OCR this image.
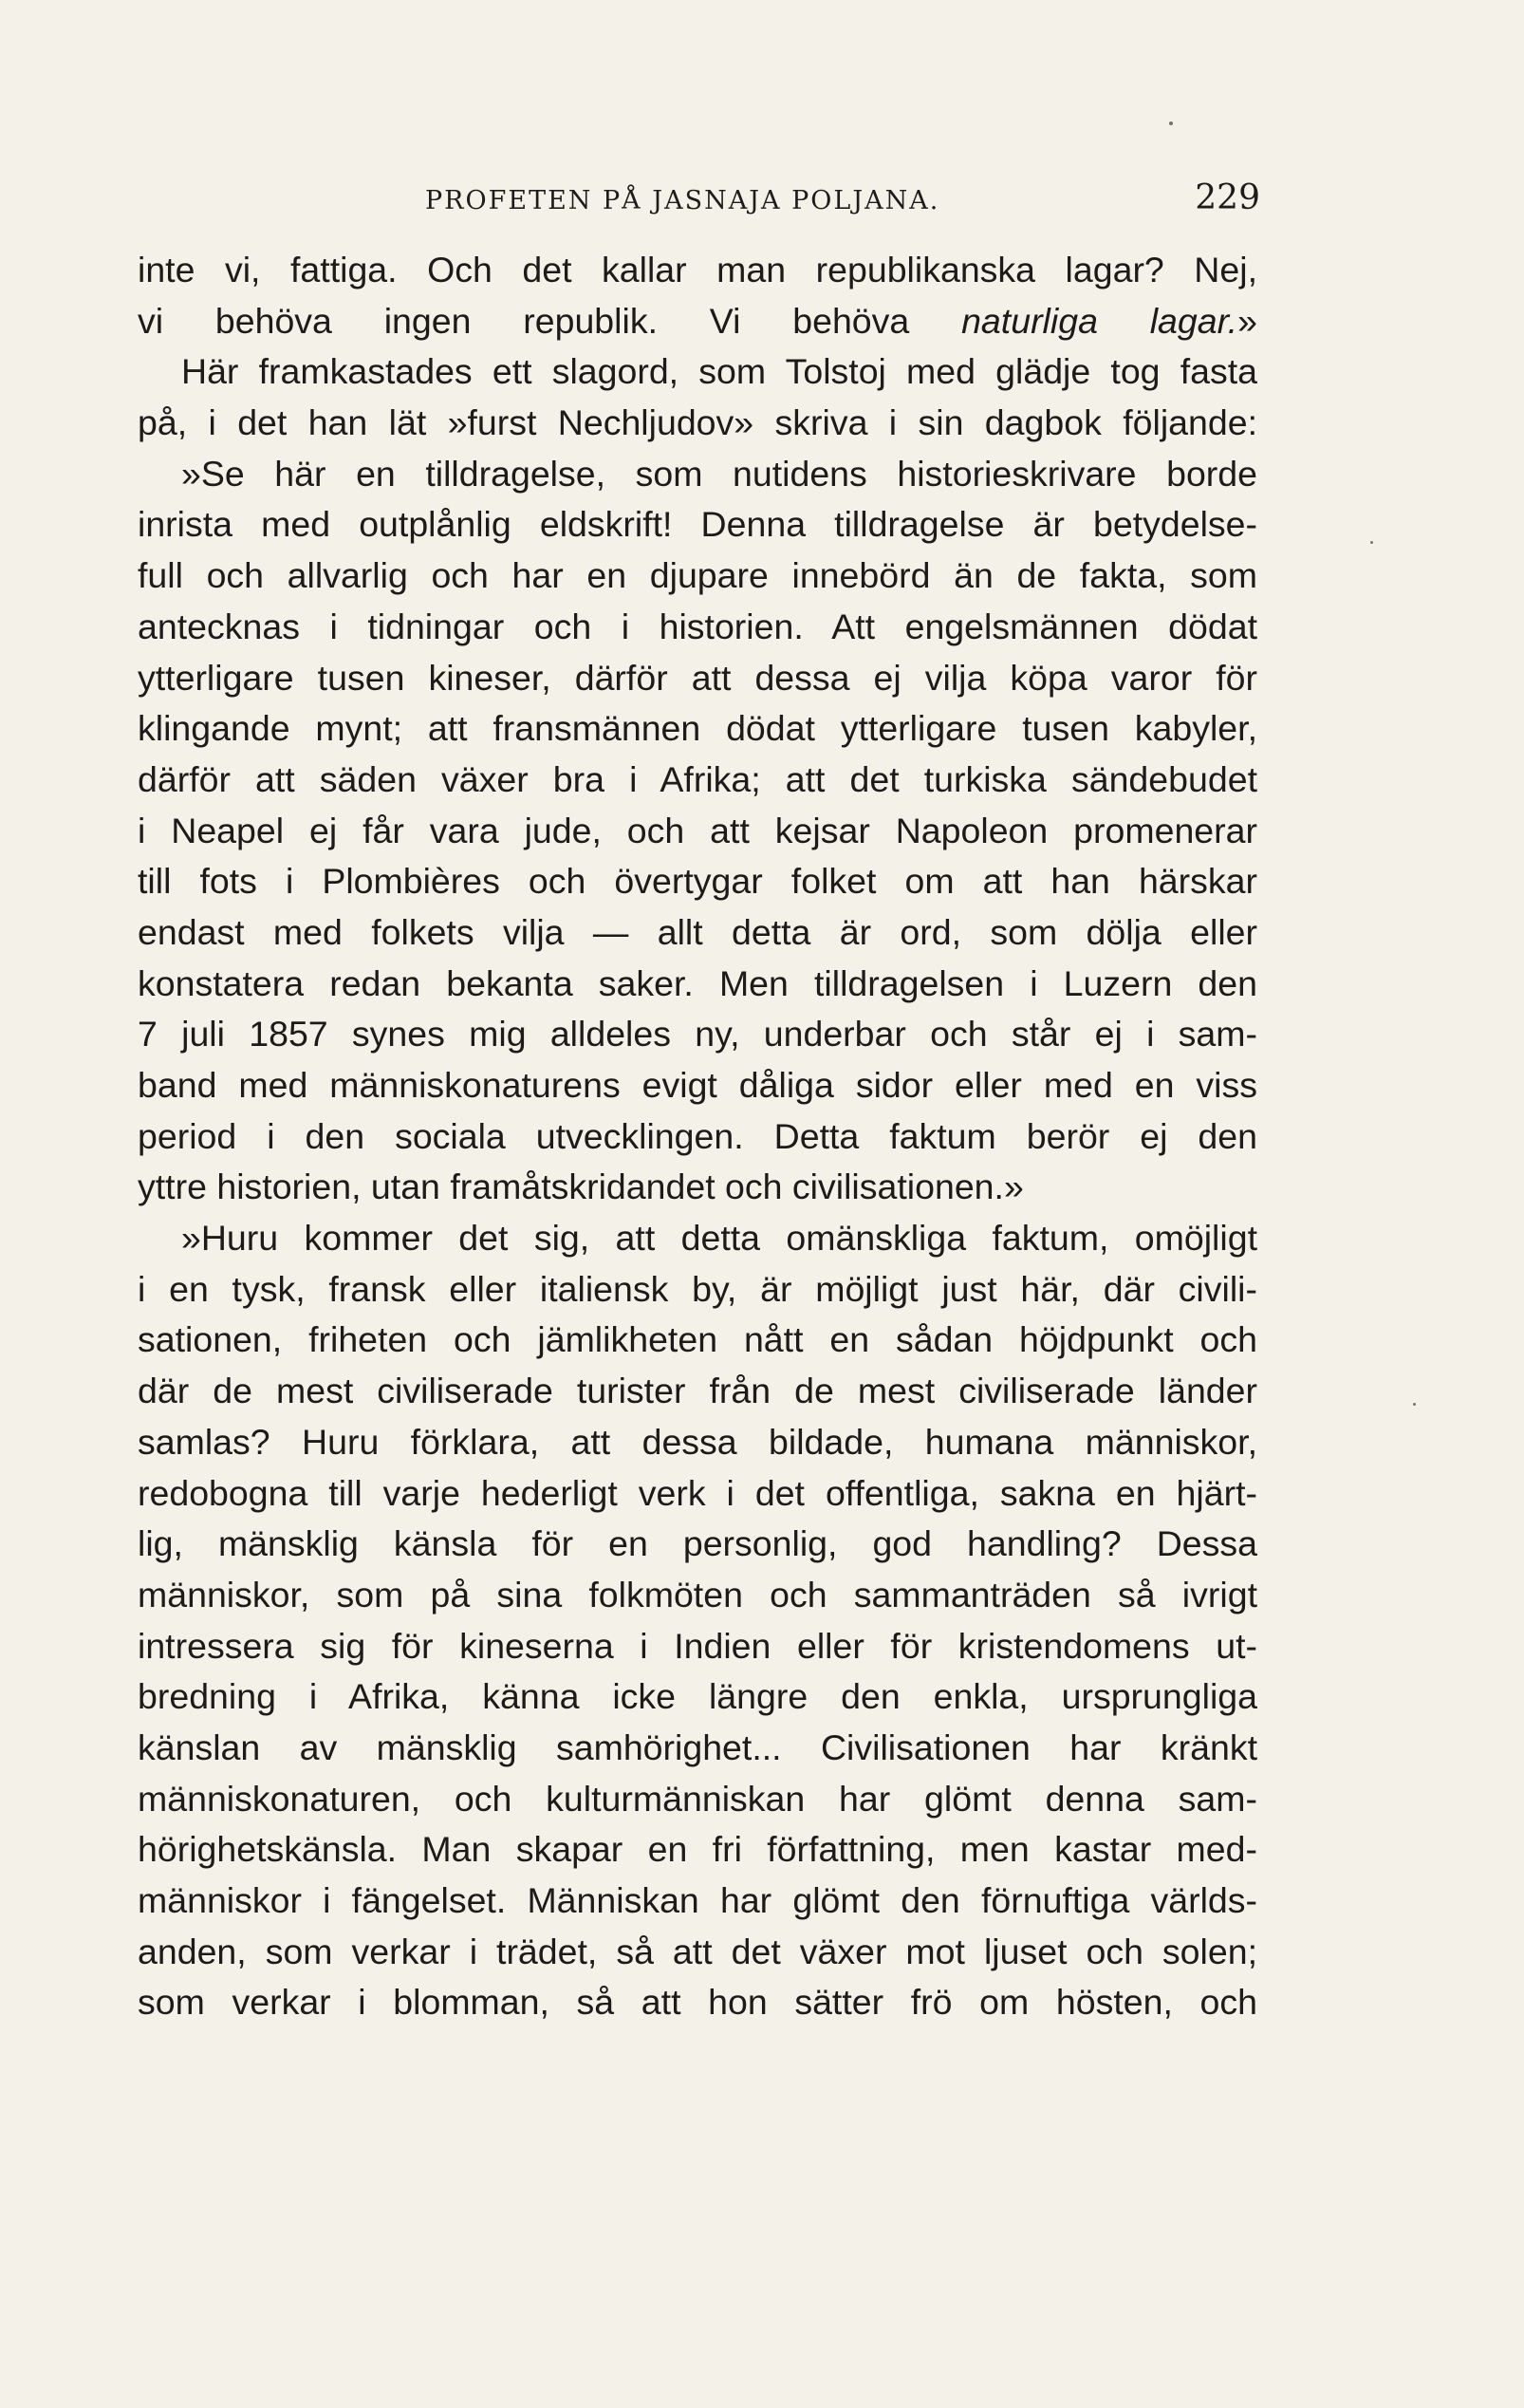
PROFETEN PÅ JASNAJA POLJANA.	229
inte vi, fattiga. Och det kallar man republikanska lagar? Nej,
vi behöva ingen republik. Vi behöva naturliga lagar.»
Här framkastades ett slagord, som Tolstoj med glädje tog fasta
på, i det han lät »furst Nechljudov» skriva i sin dagbok följande:
»Se här en tilldragelse, som nutidens historieskrivare borde
inrista med outplånlig eldskrift! Denna tilldragelse är betydelse-
full och allvarlig och har en djupare innebörd än de fakta, som
antecknas i tidningar och i historien. Att engelsmännen dödat
ytterligare tusen kineser, därför att dessa ej vilja köpa varor för
klingande mynt; att fransmännen dödat ytterligare tusen kabyler,
därför att säden växer bra i Afrika; att det turkiska sändebudet
i Neapel ej får vara jude, och att kejsar Napoleon promenerar
till fots i Plombières och övertygar folket om att han härskar
endast med folkets vilja — allt detta är ord, som dölja eller
konstatera redan bekanta saker. Men tilldragelsen i Luzern den
7 juli 1857 synes mig alldeles ny, underbar och står ej i sam-
band med människonaturens evigt dåliga sidor eller med en viss
period i den sociala utvecklingen. Detta faktum berör ej den
yttre historien, utan framåtskridandet och civilisationen.»
»Huru kommer det sig, att detta omänskliga faktum, omöjligt
i en tysk, fransk eller italiensk by, är möjligt just här, där civili-
sationen, friheten och jämlikheten nått en sådan höjdpunkt och
där de mest civiliserade turister från de mest civiliserade länder
samlas? Huru förklara, att dessa bildade, humana människor,
redobogna till varje hederligt verk i det offentliga, sakna en hjärt-
lig, mänsklig känsla för en personlig, god handling? Dessa
människor, som på sina folkmöten och sammanträden så ivrigt
intressera sig för kineserna i Indien eller för kristendomens ut-
bredning i Afrika, känna icke längre den enkla, ursprungliga
känslan av mänsklig samhörighet... Civilisationen har kränkt
människonaturen, och kulturmänniskan har glömt denna sam-
hörighetskänsla. Man skapar en fri författning, men kastar med-
människor i fängelset. Människan har glömt den förnuftiga världs-
anden, som verkar i trädet, så att det växer mot ljuset och solen;
som verkar i blomman, så att hon sätter frö om hösten, och
